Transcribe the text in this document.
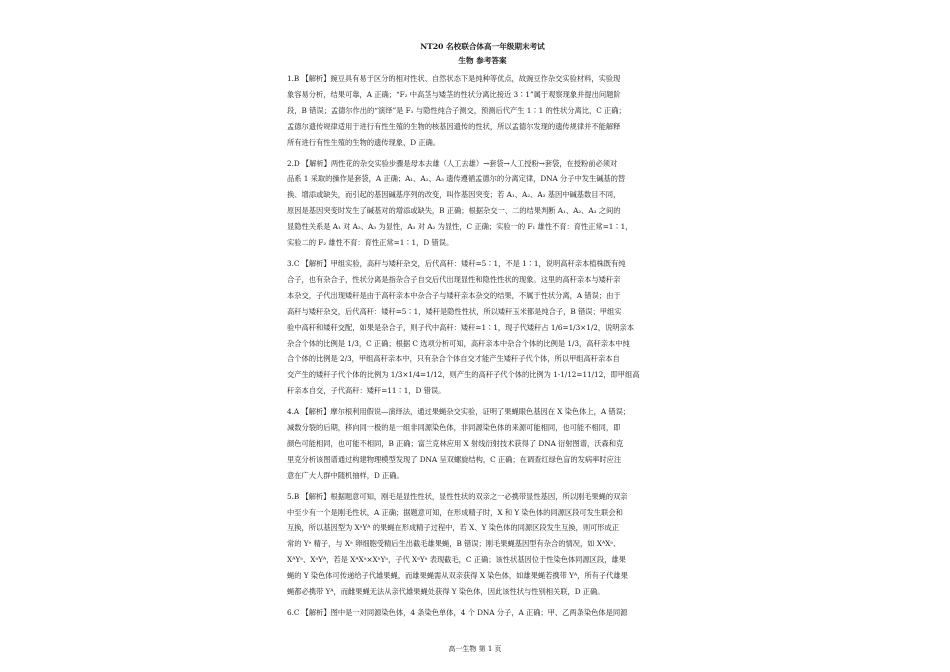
NT20 名校联合体高一年级期末考试
生物 参考答案
1.B 【解析】豌豆具有易于区分的相对性状、自然状态下是纯种等优点，故豌豆作杂交实验材料，实验现
象容易分析，结果可靠，A 正确；“F₂ 中高茎与矮茎的性状分离比接近 3∶1”属于观察现象并提出问题阶
段，B 错误；孟德尔作出的“演绎”是 F₁ 与隐性纯合子测交，预测后代产生 1∶1 的性状分离比，C 正确；
孟德尔遗传规律适用于进行有性生殖的生物的核基因遗传的性状，所以孟德尔发现的遗传规律并不能解释
所有进行有性生殖的生物的遗传现象，D 正确。
2.D 【解析】两性花的杂交实验步骤是母本去雄（人工去雄）→套袋→人工授粉→套袋，在授粉前必须对
品系 1 采取的操作是套袋，A 正确；A₁、A₂、A₃ 遗传遵循孟德尔的分离定律，DNA 分子中发生碱基的替
换、增添或缺失，而引起的基因碱基序列的改变，叫作基因突变；若 A₁、A₂、A₃ 基因中碱基数目不同，
原因是基因突变时发生了碱基对的增添或缺失，B 正确；根据杂交一、二的结果判断 A₁、A₂、A₃ 之间的
显隐性关系是 A₁ 对 A₂、A₃ 为显性，A₃ 对 A₂ 为显性，C 正确；实验一的 F₁ 雄性不育：育性正常=1∶1，
实验二的 F₂ 雄性不育：育性正常=1∶1，D 错误。
3.C 【解析】甲组实验，高秆与矮秆杂交，后代高秆：矮秆=5∶1，不是 1∶1，说明高秆亲本植株既有纯
合子，也有杂合子，性状分离是指杂合子自交后代出现显性和隐性性状的现象。这里的高秆亲本与矮秆亲
本杂交，子代出现矮秆是由于高秆亲本中杂合子与矮秆亲本杂交的结果，不属于性状分离，A 错误；由于
高秆与矮秆杂交，后代高秆：矮秆=5∶1，矮秆是隐性性状，所以矮秆玉米都是纯合子，B 错误；甲组实
验中高秆和矮秆交配，如果是杂合子，则子代中高秆：矮秆=1∶1，现子代矮秆占 1/6=1/3×1/2，说明亲本
杂合个体的比例是 1/3，C 正确；根据 C 选项分析可知，高秆亲本中杂合个体的比例是 1/3，高秆亲本中纯
合个体的比例是 2/3，甲组高秆亲本中，只有杂合个体自交才能产生矮秆子代个体，所以甲组高秆亲本自
交产生的矮秆子代个体的比例为 1/3×1/4=1/12，则产生的高秆子代个体的比例为 1-1/12=11/12，即甲组高
秆亲本自交，子代高秆：矮秆=11∶1，D 错误。
4.A 【解析】摩尔根利用假说—演绎法，通过果蝇杂交实验，证明了果蝇眼色基因在 X 染色体上，A 错误；
减数分裂的后期，移向同一极的是一组非同源染色体，非同源染色体的来源可能相同，也可能不相同，即
颜色可能相同，也可能不相同，B 正确；富兰克林应用 X 射线衍射技术获得了 DNA 衍射图谱，沃森和克
里克分析该图谱通过构建物理模型发现了 DNA 呈双螺旋结构，C 正确；在调查红绿色盲的发病率时应注
意在广大人群中随机抽样，D 正确。
5.B 【解析】根据题意可知，刚毛是显性性状，显性性状的双亲之一必携带显性基因，所以刚毛果蝇的双亲
中至少有一个是刚毛性状，A 正确；据题意可知，在形成精子时，X 和 Y 染色体的同源区段可发生联会和
互换，所以基因型为 XᵃYᴬ 的果蝇在形成精子过程中，若 X、Y 染色体的同源区段发生互换，则可形成正
常的 Yᵃ 精子，与 Xᵃ 卵细胞受精后生出截毛雄果蝇，B 错误；刚毛果蝇基因型有杂合的情况，如 XᴬXᵃ、
XᴬYᵃ、XᵃYᴬ，若是 XᴬXᵃ×XᵃYᵃ，子代 XᵃYᵃ 表现截毛，C 正确；该性状基因位于性染色体同源区段，雄果
蝇的 Y 染色体可传递给子代雄果蝇，而雄果蝇需从双亲获得 X 染色体，如雄果蝇若携带 Yᴬ，所有子代雄果
蝇都必携带 Yᴬ，而雌果蝇无法从亲代雄果蝇处获得 Y 染色体，因此该性状与性别相关联，D 正确。
6.C 【解析】图中是一对同源染色体，4 条染色单体，4 个 DNA 分子，A 正确；甲、乙两条染色体是同源
高一生物 第 1 页
